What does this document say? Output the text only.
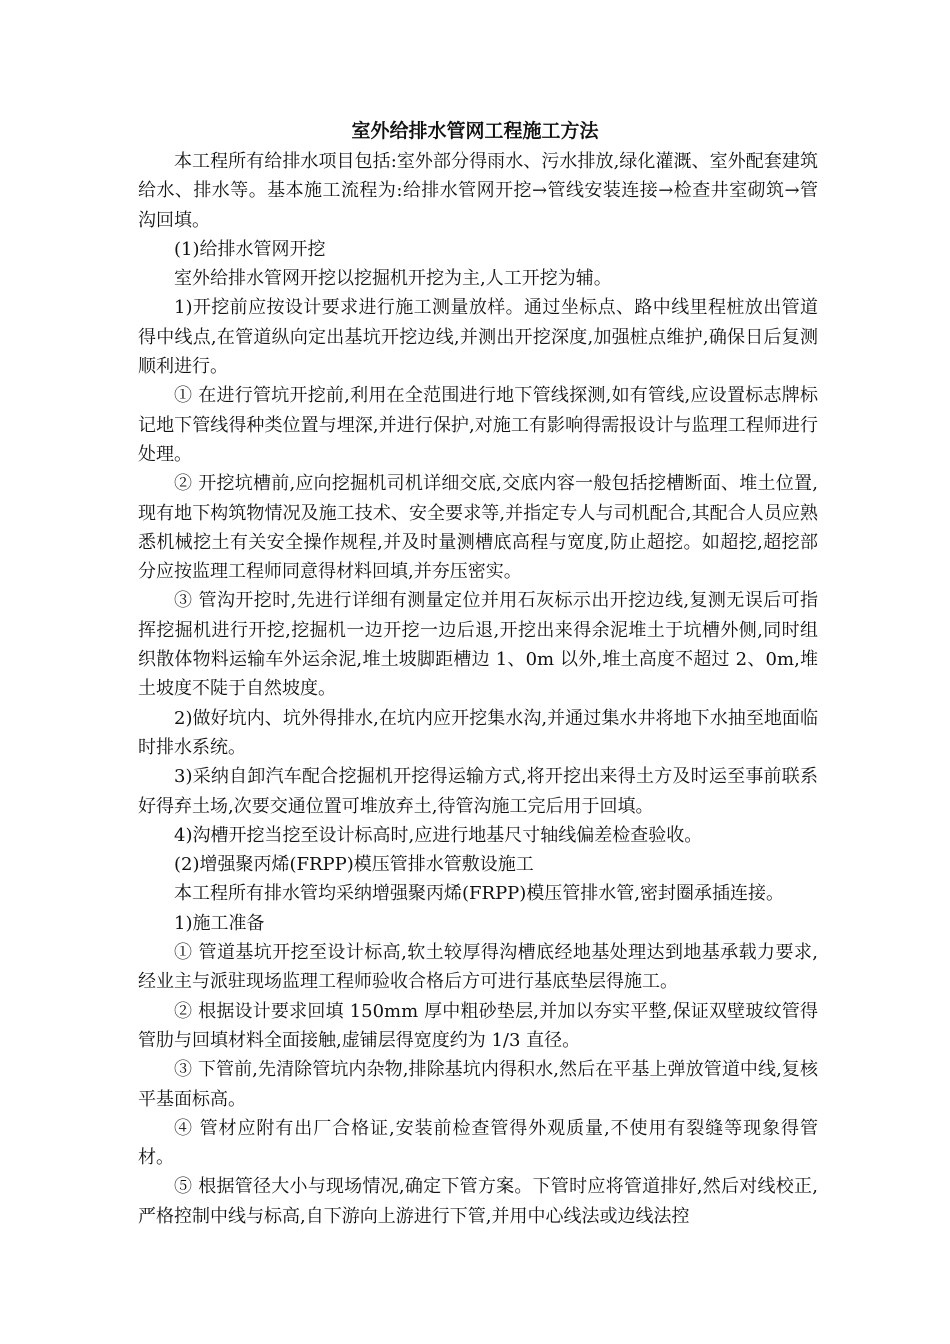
室外给排水管网工程施工方法

本工程所有给排水项目包括:室外部分得雨水、污水排放,绿化灌溉、室外配套建筑给水、排水等。基本施工流程为:给排水管网开挖→管线安装连接→检查井室砌筑→管沟回填。

(1)给排水管网开挖

室外给排水管网开挖以挖掘机开挖为主,人工开挖为辅。

1)开挖前应按设计要求进行施工测量放样。通过坐标点、路中线里程桩放出管道得中线点,在管道纵向定出基坑开挖边线,并测出开挖深度,加强桩点维护,确保日后复测顺利进行。

① 在进行管坑开挖前,利用在全范围进行地下管线探测,如有管线,应设置标志牌标记地下管线得种类位置与埋深,并进行保护,对施工有影响得需报设计与监理工程师进行处理。

② 开挖坑槽前,应向挖掘机司机详细交底,交底内容一般包括挖槽断面、堆土位置,现有地下构筑物情况及施工技术、安全要求等,并指定专人与司机配合,其配合人员应熟悉机械挖土有关安全操作规程,并及时量测槽底高程与宽度,防止超挖。如超挖,超挖部分应按监理工程师同意得材料回填,并夯压密实。

③ 管沟开挖时,先进行详细有测量定位并用石灰标示出开挖边线,复测无误后可指挥挖掘机进行开挖,挖掘机一边开挖一边后退,开挖出来得余泥堆土于坑槽外侧,同时组织散体物料运输车外运余泥,堆土坡脚距槽边 1、0m 以外,堆土高度不超过 2、0m,堆土坡度不陡于自然坡度。

2)做好坑内、坑外得排水,在坑内应开挖集水沟,并通过集水井将地下水抽至地面临时排水系统。

3)采纳自卸汽车配合挖掘机开挖得运输方式,将开挖出来得土方及时运至事前联系好得弃土场,次要交通位置可堆放弃土,待管沟施工完后用于回填。

4)沟槽开挖当挖至设计标高时,应进行地基尺寸轴线偏差检查验收。

(2)增强聚丙烯(FRPP)模压管排水管敷设施工

本工程所有排水管均采纳增强聚丙烯(FRPP)模压管排水管,密封圈承插连接。

1)施工准备

① 管道基坑开挖至设计标高,软土较厚得沟槽底经地基处理达到地基承载力要求,经业主与派驻现场监理工程师验收合格后方可进行基底垫层得施工。

② 根据设计要求回填 150mm 厚中粗砂垫层,并加以夯实平整,保证双壁玻纹管得管肋与回填材料全面接触,虚铺层得宽度约为 1/3 直径。

③ 下管前,先清除管坑内杂物,排除基坑内得积水,然后在平基上弹放管道中线,复核平基面标高。

④ 管材应附有出厂合格证,安装前检查管得外观质量,不使用有裂缝等现象得管材。

⑤ 根据管径大小与现场情况,确定下管方案。下管时应将管道排好,然后对线校正,严格控制中线与标高,自下游向上游进行下管,并用中心线法或边线法控
